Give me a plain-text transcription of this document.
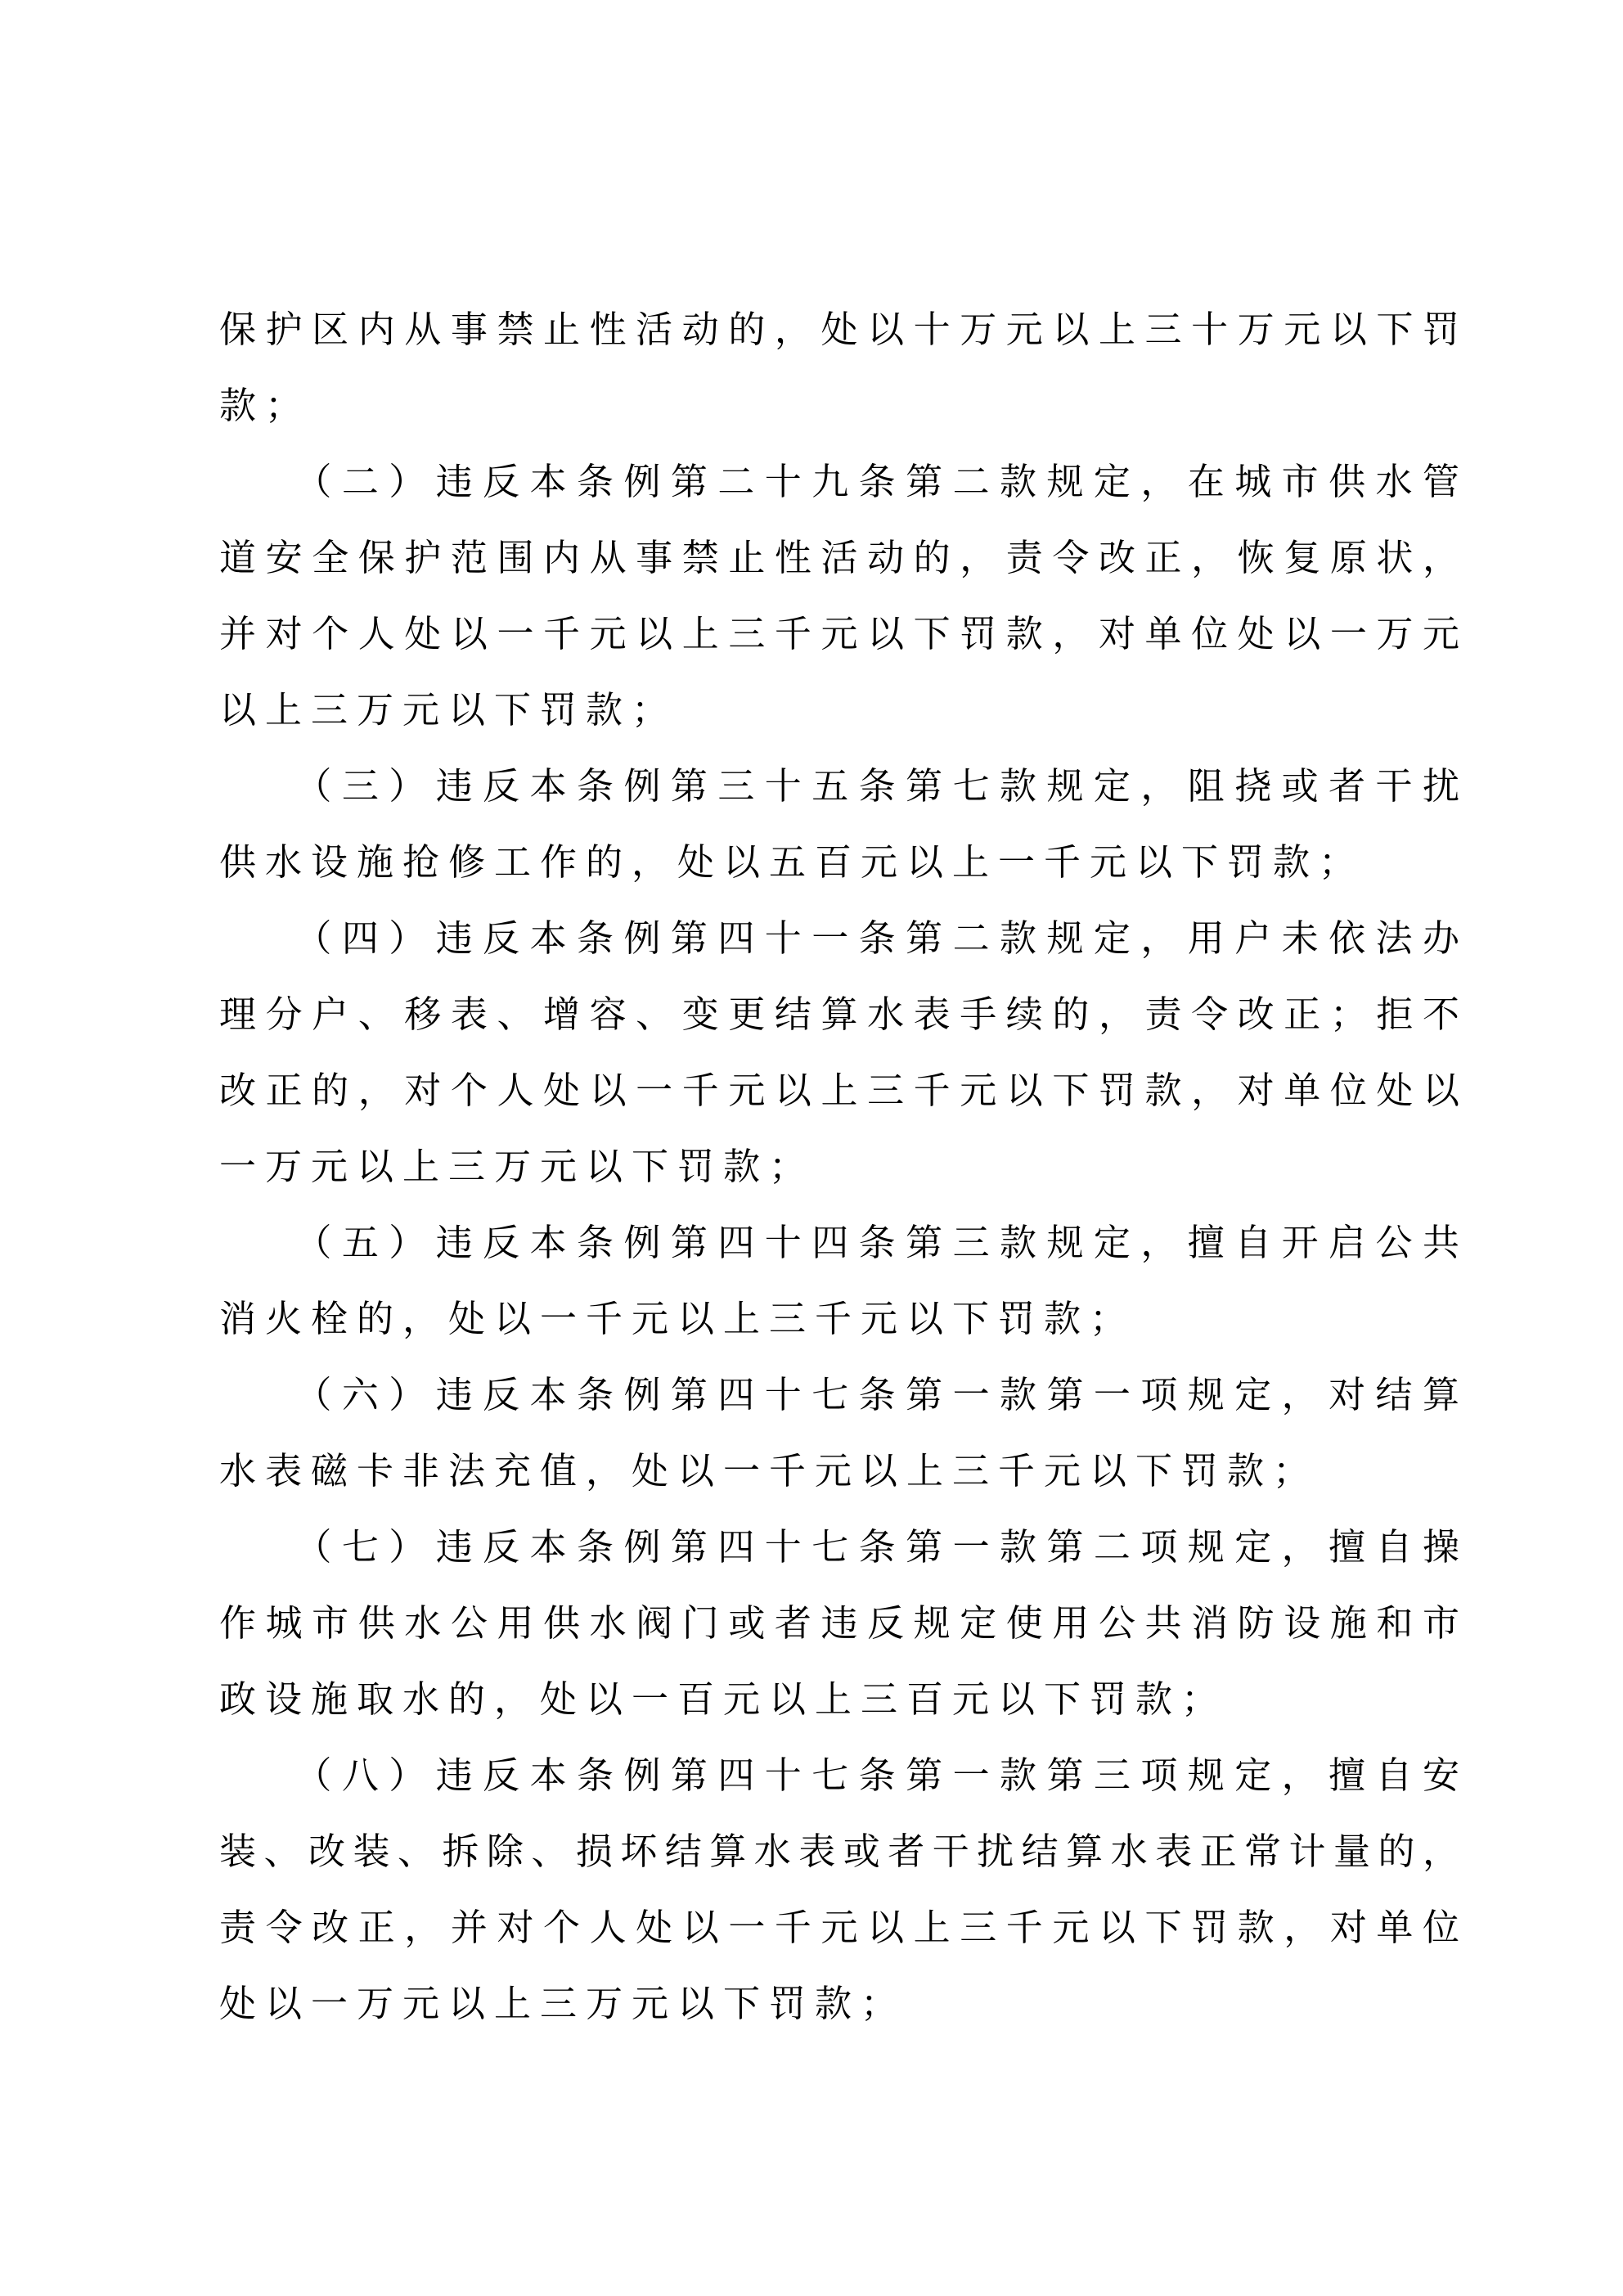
保护区内从事禁止性活动的，处以十万元以上三十万元以下罚
款；
　　（二）违反本条例第二十九条第二款规定，在城市供水管
道安全保护范围内从事禁止性活动的，责令改正，恢复原状，
并对个人处以一千元以上三千元以下罚款，对单位处以一万元
以上三万元以下罚款；
　　（三）违反本条例第三十五条第七款规定，阻挠或者干扰
供水设施抢修工作的，处以五百元以上一千元以下罚款；
　　（四）违反本条例第四十一条第二款规定，用户未依法办
理分户、移表、增容、变更结算水表手续的，责令改正；拒不
改正的，对个人处以一千元以上三千元以下罚款，对单位处以
一万元以上三万元以下罚款；
　　（五）违反本条例第四十四条第三款规定，擅自开启公共
消火栓的，处以一千元以上三千元以下罚款；
　　（六）违反本条例第四十七条第一款第一项规定，对结算
水表磁卡非法充值，处以一千元以上三千元以下罚款；
　　（七）违反本条例第四十七条第一款第二项规定，擅自操
作城市供水公用供水阀门或者违反规定使用公共消防设施和市
政设施取水的，处以一百元以上三百元以下罚款；
　　（八）违反本条例第四十七条第一款第三项规定，擅自安
装、改装、拆除、损坏结算水表或者干扰结算水表正常计量的，
责令改正，并对个人处以一千元以上三千元以下罚款，对单位
处以一万元以上三万元以下罚款；
